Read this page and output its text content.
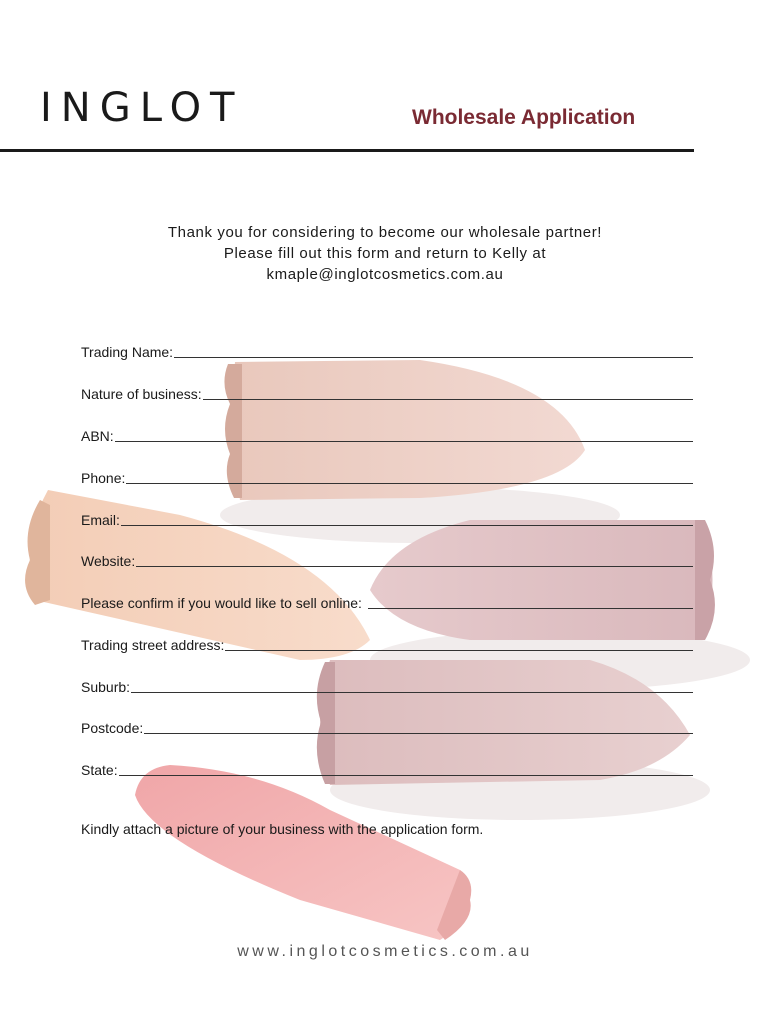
INGLOT	Wholesale Application
Thank you for considering to become our wholesale partner!
Please fill out this form and return to Kelly at
kmaple@inglotcosmetics.com.au
Trading Name:
Nature of business:
ABN:
Phone:
Email:
Website:
Please confirm if you would like to sell online:
Trading street address:
Suburb:
Postcode:
State:
Kindly attach a picture of your business with the application form.
www.inglotcosmetics.com.au
